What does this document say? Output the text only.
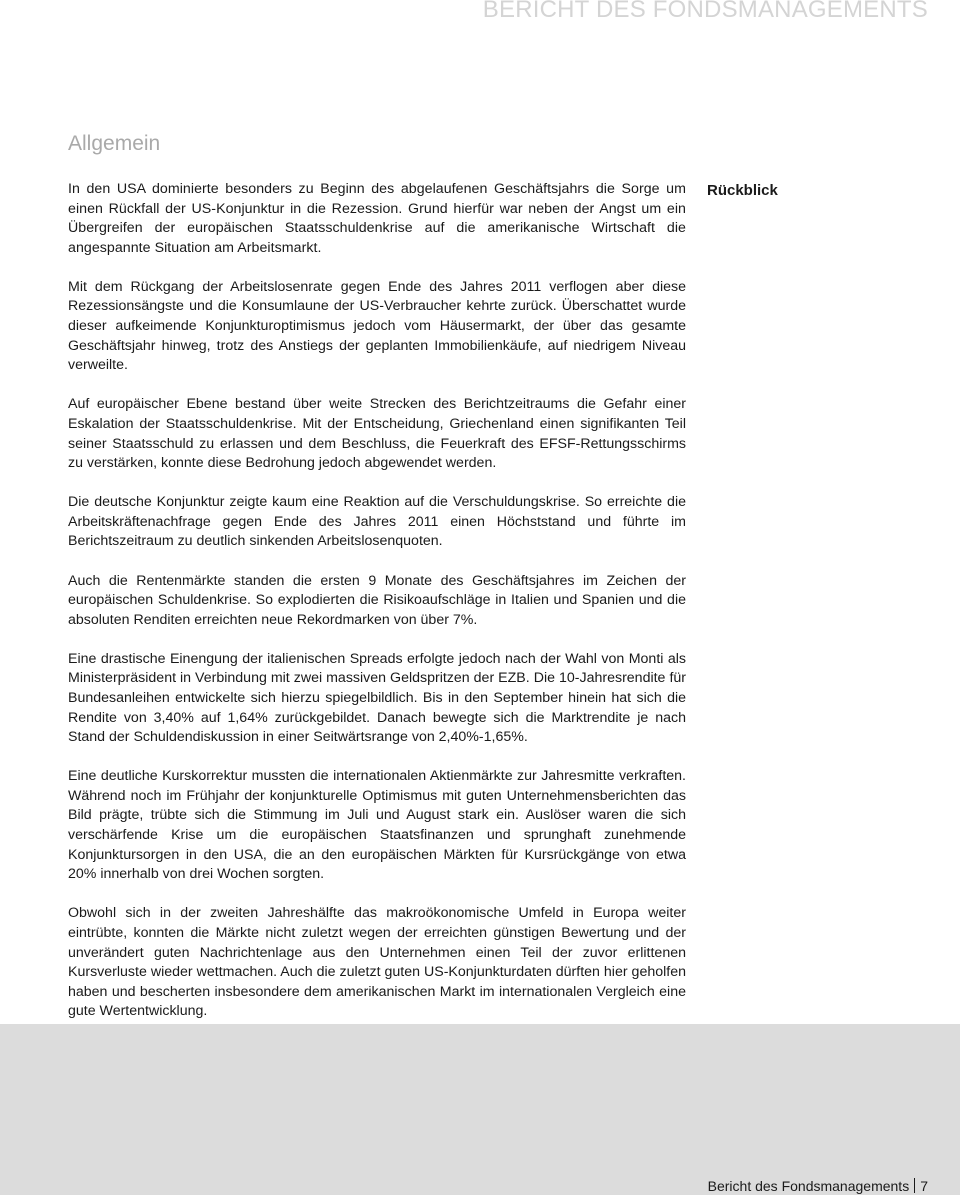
BERICHT DES FONDSMANAGEMENTS
Allgemein
Rückblick

In den USA dominierte besonders zu Beginn des abgelaufenen Geschäftsjahrs die Sorge um einen Rückfall der US-Konjunktur in die Rezession. Grund hierfür war neben der Angst um ein Übergreifen der europäischen Staatsschuldenkrise auf die amerikanische Wirtschaft die angespannte Situation am Arbeitsmarkt.

Mit dem Rückgang der Arbeitslosenrate gegen Ende des Jahres 2011 verflogen aber diese Rezessionsängste und die Konsumlaune der US-Verbraucher kehrte zurück. Überschattet wurde dieser aufkeimende Konjunkturoptimismus jedoch vom Häusermarkt, der über das gesamte Geschäftsjahr hinweg, trotz des Anstiegs der geplanten Immobilienkäufe, auf niedrigem Niveau verweilte.

Auf europäischer Ebene bestand über weite Strecken des Berichtzeitraums die Gefahr einer Eskalation der Staatsschuldenkrise. Mit der Entscheidung, Griechenland einen signifikanten Teil seiner Staatsschuld zu erlassen und dem Beschluss, die Feuerkraft des EFSF-Rettungsschirms zu verstärken, konnte diese Bedrohung jedoch abgewendet werden.

Die deutsche Konjunktur zeigte kaum eine Reaktion auf die Verschuldungskrise. So erreichte die Arbeitskräftenachfrage gegen Ende des Jahres 2011 einen Höchststand und führte im Berichtszeitraum zu deutlich sinkenden Arbeitslosenquoten.

Auch die Rentenmärkte standen die ersten 9 Monate des Geschäftsjahres im Zeichen der europäischen Schuldenkrise. So explodierten die Risikoaufschläge in Italien und Spanien und die absoluten Renditen erreichten neue Rekordmarken von über 7%.

Eine drastische Einengung der italienischen Spreads erfolgte jedoch nach der Wahl von Monti als Ministerpräsident in Verbindung mit zwei massiven Geldspritzen der EZB. Die 10-Jahresrendite für Bundesanleihen entwickelte sich hierzu spiegelbildlich. Bis in den September hinein hat sich die Rendite von 3,40% auf 1,64% zurückgebildet. Danach bewegte sich die Marktrendite je nach Stand der Schuldendiskussion in einer Seitwärtsrange von 2,40%-1,65%.

Eine deutliche Kurskorrektur mussten die internationalen Aktienmärkte zur Jahresmitte verkraften. Während noch im Frühjahr der konjunkturelle Optimismus mit guten Unternehmensberichten das Bild prägte, trübte sich die Stimmung im Juli und August stark ein. Auslöser waren die sich verschärfende Krise um die europäischen Staatsfinanzen und sprunghaft zunehmende Konjunktursorgen in den USA, die an den europäischen Märkten für Kursrückgänge von etwa 20% innerhalb von drei Wochen sorgten.

Obwohl sich in der zweiten Jahreshälfte das makroökonomische Umfeld in Europa weiter eintrübte, konnten die Märkte nicht zuletzt wegen der erreichten günstigen Bewertung und der unverändert guten Nachrichtenlage aus den Unternehmen einen Teil der zuvor erlittenen Kursverluste wieder wettmachen. Auch die zuletzt guten US-Konjunkturdaten dürften hier geholfen haben und bescherten insbesondere dem amerikanischen Markt im internationalen Vergleich eine gute Wertentwicklung.

Bericht des Fondsmanagements 7
